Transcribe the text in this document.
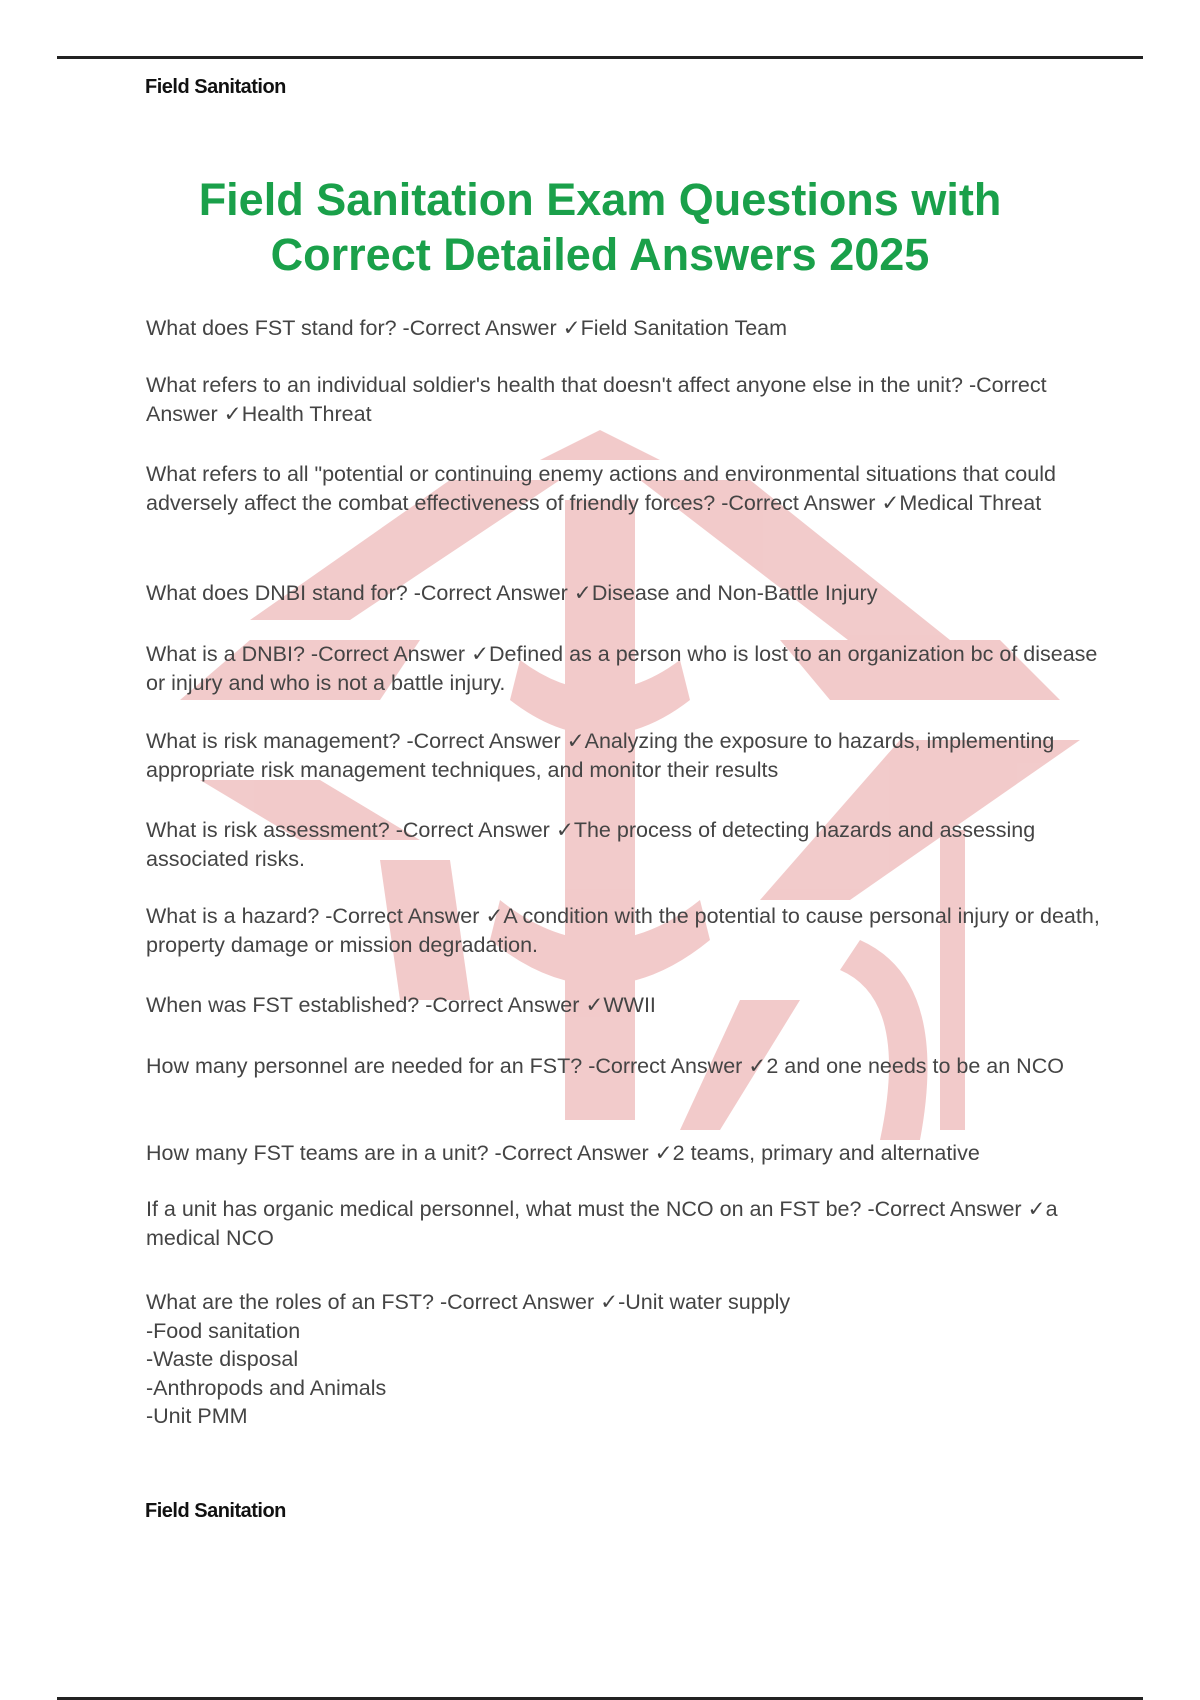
Field Sanitation
Field Sanitation Exam Questions with
Correct Detailed Answers 2025
What does FST stand for? -Correct Answer ✓Field Sanitation Team
What refers to an individual soldier's health that doesn't affect anyone else in the unit? -Correct Answer ✓Health Threat
What refers to all "potential or continuing enemy actions and environmental situations that could adversely affect the combat effectiveness of friendly forces? -Correct Answer ✓Medical Threat
What does DNBI stand for? -Correct Answer ✓Disease and Non-Battle Injury
What is a DNBI? -Correct Answer ✓Defined as a person who is lost to an organization bc of disease or injury and who is not a battle injury.
What is risk management? -Correct Answer ✓Analyzing the exposure to hazards, implementing appropriate risk management techniques, and monitor their results
What is risk assessment? -Correct Answer ✓The process of detecting hazards and assessing associated risks.
What is a hazard? -Correct Answer ✓A condition with the potential to cause personal injury or death, property damage or mission degradation.
When was FST established? -Correct Answer ✓WWII
How many personnel are needed for an FST? -Correct Answer ✓2 and one needs to be an NCO
How many FST teams are in a unit? -Correct Answer ✓2 teams, primary and alternative
If a unit has organic medical personnel, what must the NCO on an FST be? -Correct Answer ✓a medical NCO
What are the roles of an FST? -Correct Answer ✓-Unit water supply
-Food sanitation
-Waste disposal
-Anthropods and Animals
-Unit PMM
Field Sanitation
